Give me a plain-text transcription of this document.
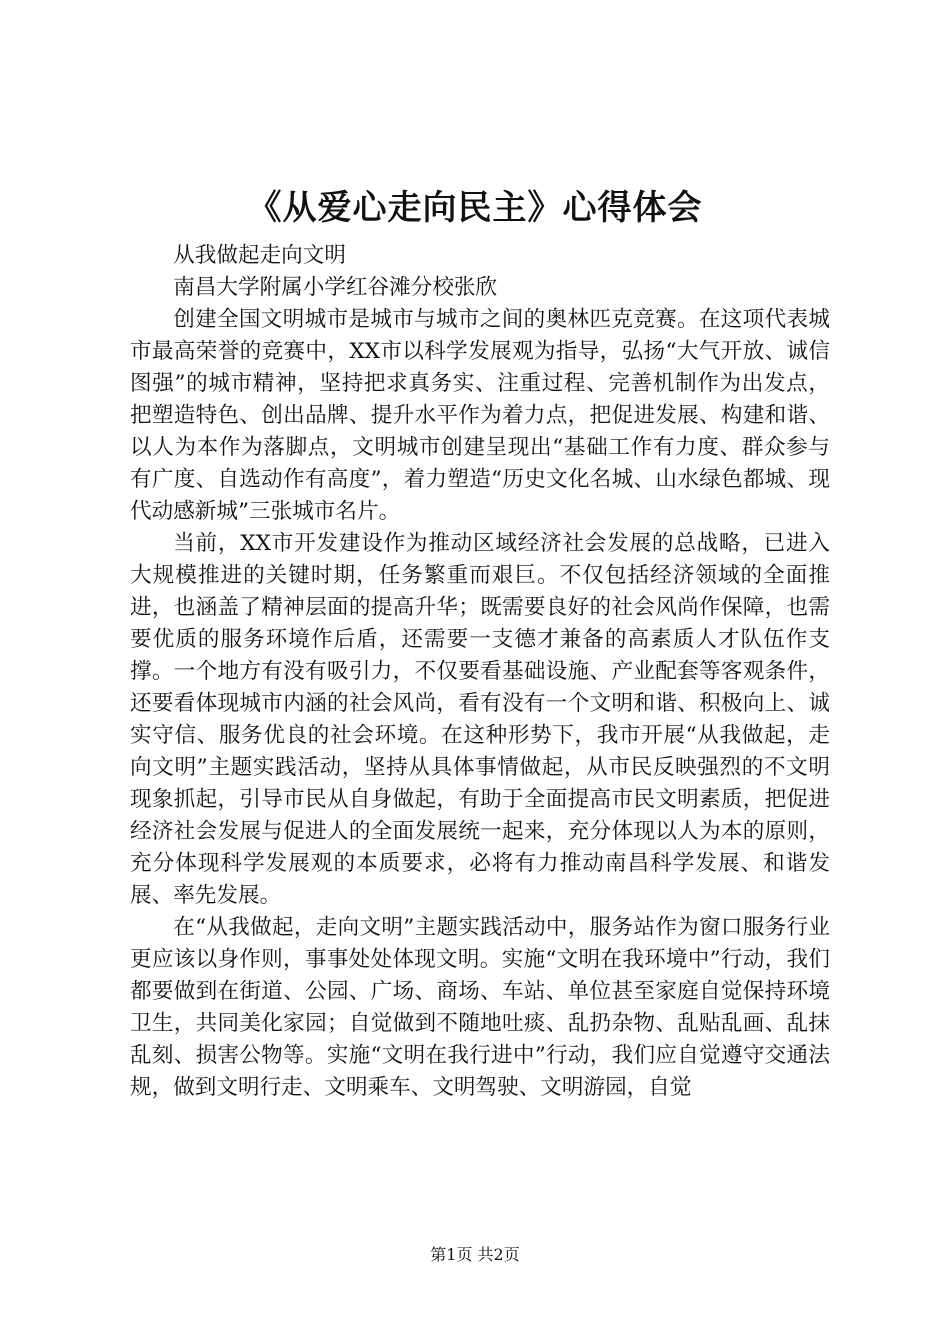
《从爱心走向民主》心得体会

从我做起走向文明

南昌大学附属小学红谷滩分校张欣

创建全国文明城市是城市与城市之间的奥林匹克竞赛。在这项代表城市最高荣誉的竞赛中，XX市以科学发展观为指导，弘扬“大气开放、诚信图强”的城市精神，坚持把求真务实、注重过程、完善机制作为出发点，把塑造特色、创出品牌、提升水平作为着力点，把促进发展、构建和谐、以人为本作为落脚点，文明城市创建呈现出“基础工作有力度、群众参与有广度、自选动作有高度”，着力塑造“历史文化名城、山水绿色都城、现代动感新城”三张城市名片。

当前，XX市开发建设作为推动区域经济社会发展的总战略，已进入大规模推进的关键时期，任务繁重而艰巨。不仅包括经济领域的全面推进，也涵盖了精神层面的提高升华；既需要良好的社会风尚作保障，也需要优质的服务环境作后盾，还需要一支德才兼备的高素质人才队伍作支撑。一个地方有没有吸引力，不仅要看基础设施、产业配套等客观条件，还要看体现城市内涵的社会风尚，看有没有一个文明和谐、积极向上、诚实守信、服务优良的社会环境。在这种形势下，我市开展“从我做起，走向文明”主题实践活动，坚持从具体事情做起，从市民反映强烈的不文明现象抓起，引导市民从自身做起，有助于全面提高市民文明素质，把促进经济社会发展与促进人的全面发展统一起来，充分体现以人为本的原则，充分体现科学发展观的本质要求，必将有力推动南昌科学发展、和谐发展、率先发展。

在“从我做起，走向文明”主题实践活动中，服务站作为窗口服务行业更应该以身作则，事事处处体现文明。实施“文明在我环境中”行动，我们都要做到在街道、公园、广场、商场、车站、单位甚至家庭自觉保持环境卫生，共同美化家园；自觉做到不随地吐痰、乱扔杂物、乱贴乱画、乱抹乱刻、损害公物等。实施“文明在我行进中”行动，我们应自觉遵守交通法规，做到文明行走、文明乘车、文明驾驶、文明游园，自觉

第1页 共2页
